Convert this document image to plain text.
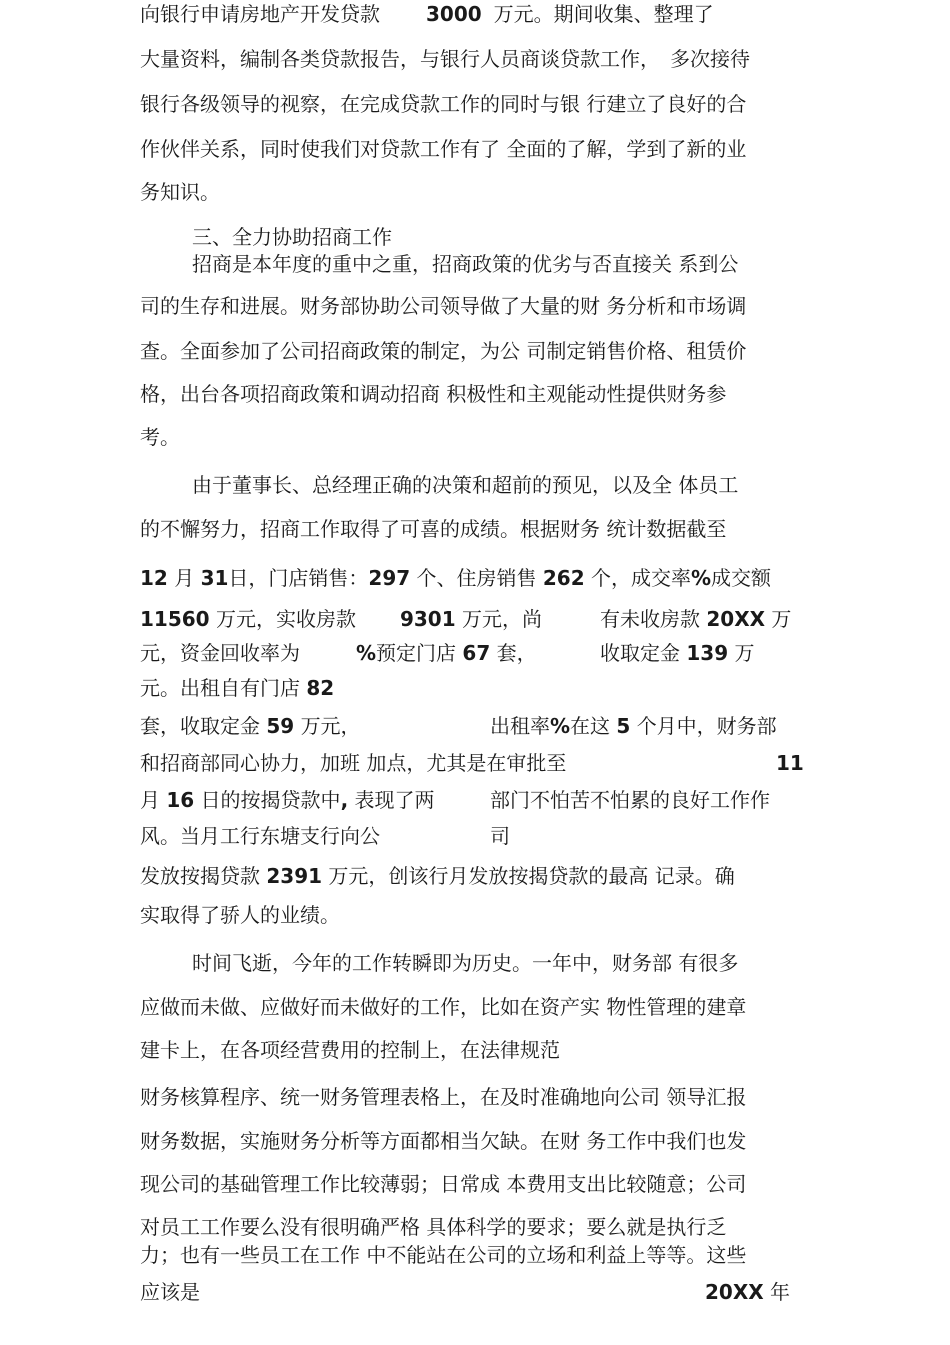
向银行申请房地产开发贷款 3000 万元。期间收集、整理了
大量资料，编制各类贷款报告，与银行人员商谈贷款工作，　多次接待
银行各级领导的视察，在完成贷款工作的同时与银 行建立了良好的合
作伙伴关系，同时使我们对贷款工作有了 全面的了解，学到了新的业
务知识。
三、全力协助招商工作
招商是本年度的重中之重，招商政策的优劣与否直接关 系到公
司的生存和进展。财务部协助公司领导做了大量的财 务分析和市场调
查。全面参加了公司招商政策的制定，为公 司制定销售价格、租赁价
格，出台各项招商政策和调动招商 积极性和主观能动性提供财务参
考。
由于董事长、总经理正确的决策和超前的预见，以及全 体员工
的不懈努力，招商工作取得了可喜的成绩。根据财务 统计数据截至
12 月 31日，门店销售：297 个、住房销售 262 个，成交率%成交额
11560 万元，实收房款 9301 万元，尚	有未收房款 20XX 万
元，资金回收率为	%预定门店 67 套，	收取定金 139 万
元。出租自有门店 82
套，收取定金 59 万元，	出租率%在这 5 个月中，财务部
和招商部同心协力，加班 加点，尤其是在审批至	11
月 16 日的按揭贷款中, 表现了两	部门不怕苦不怕累的良好工作作
风。当月工行东塘支行向公	司
发放按揭贷款 2391 万元，创该行月发放按揭贷款的最高 记录。确
实取得了骄人的业绩。
时间飞逝，今年的工作转瞬即为历史。一年中，财务部 有很多
应做而未做、应做好而未做好的工作，比如在资产实 物性管理的建章
建卡上，在各项经营费用的控制上，在法律规范
财务核算程序、统一财务管理表格上，在及时准确地向公司 领导汇报
财务数据，实施财务分析等方面都相当欠缺。在财 务工作中我们也发
现公司的基础管理工作比较薄弱；日常成 本费用支出比较随意；公司
对员工工作要么没有很明确严格 具体科学的要求；要么就是执行乏
力；也有一些员工在工作 中不能站在公司的立场和利益上等等。这些
应该是	20XX 年
